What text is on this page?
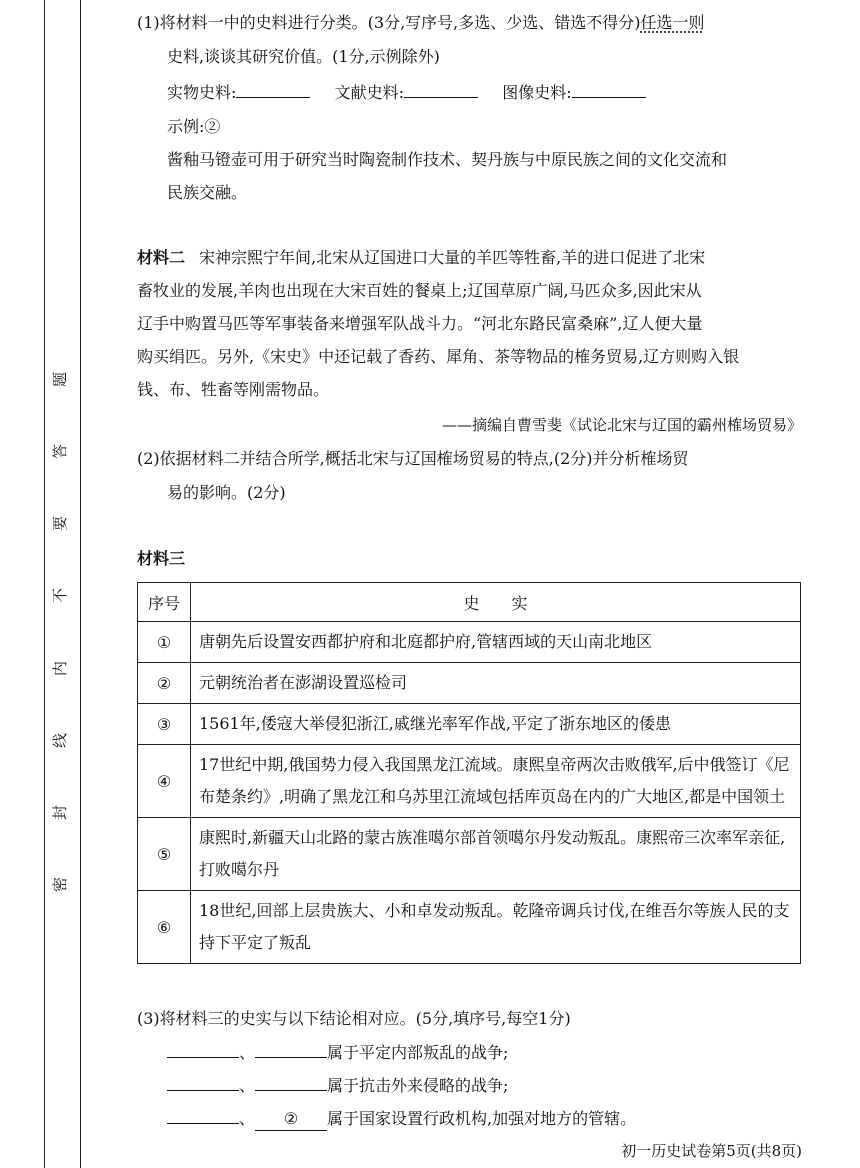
题
答
要
不
内
线
封
密
(1)将材料一中的史料进行分类。(3分,写序号,多选、少选、错选不得分)任选一则
史料,谈谈其研究价值。(1分,示例除外)
实物史料:	文献史料:	图像史料:
示例:②
酱釉马镫壶可用于研究当时陶瓷制作技术、契丹族与中原民族之间的文化交流和
民族交融。
材料二 宋神宗熙宁年间,北宋从辽国进口大量的羊匹等牲畜,羊的进口促进了北宋
畜牧业的发展,羊肉也出现在大宋百姓的餐桌上;辽国草原广阔,马匹众多,因此宋从
辽手中购置马匹等军事装备来增强军队战斗力。“河北东路民富桑麻”,辽人便大量
购买绢匹。另外,《宋史》中还记载了香药、犀角、茶等物品的榷务贸易,辽方则购入银
钱、布、牲畜等刚需物品。
——摘编自曹雪斐《试论北宋与辽国的霸州榷场贸易》
(2)依据材料二并结合所学,概括北宋与辽国榷场贸易的特点,(2分)并分析榷场贸
易的影响。(2分)
材料三
序号	史　　实
①	唐朝先后设置安西都护府和北庭都护府,管辖西域的天山南北地区
②	元朝统治者在澎湖设置巡检司
③	1561年,倭寇大举侵犯浙江,戚继光率军作战,平定了浙东地区的倭患
④	17世纪中期,俄国势力侵入我国黑龙江流域。康熙皇帝两次击败俄军,后中俄签订《尼布楚条约》,明确了黑龙江和乌苏里江流域包括库页岛在内的广大地区,都是中国领土
⑤	康熙时,新疆天山北路的蒙古族准噶尔部首领噶尔丹发动叛乱。康熙帝三次率军亲征,打败噶尔丹
⑥	18世纪,回部上层贵族大、小和卓发动叛乱。乾隆帝调兵讨伐,在维吾尔等族人民的支持下平定了叛乱
(3)将材料三的史实与以下结论相对应。(5分,填序号,每空1分)
、	属于平定内部叛乱的战争;
、	属于抗击外来侵略的战争;
、 ② 属于国家设置行政机构,加强对地方的管辖。
初一历史试卷第5页(共8页)
